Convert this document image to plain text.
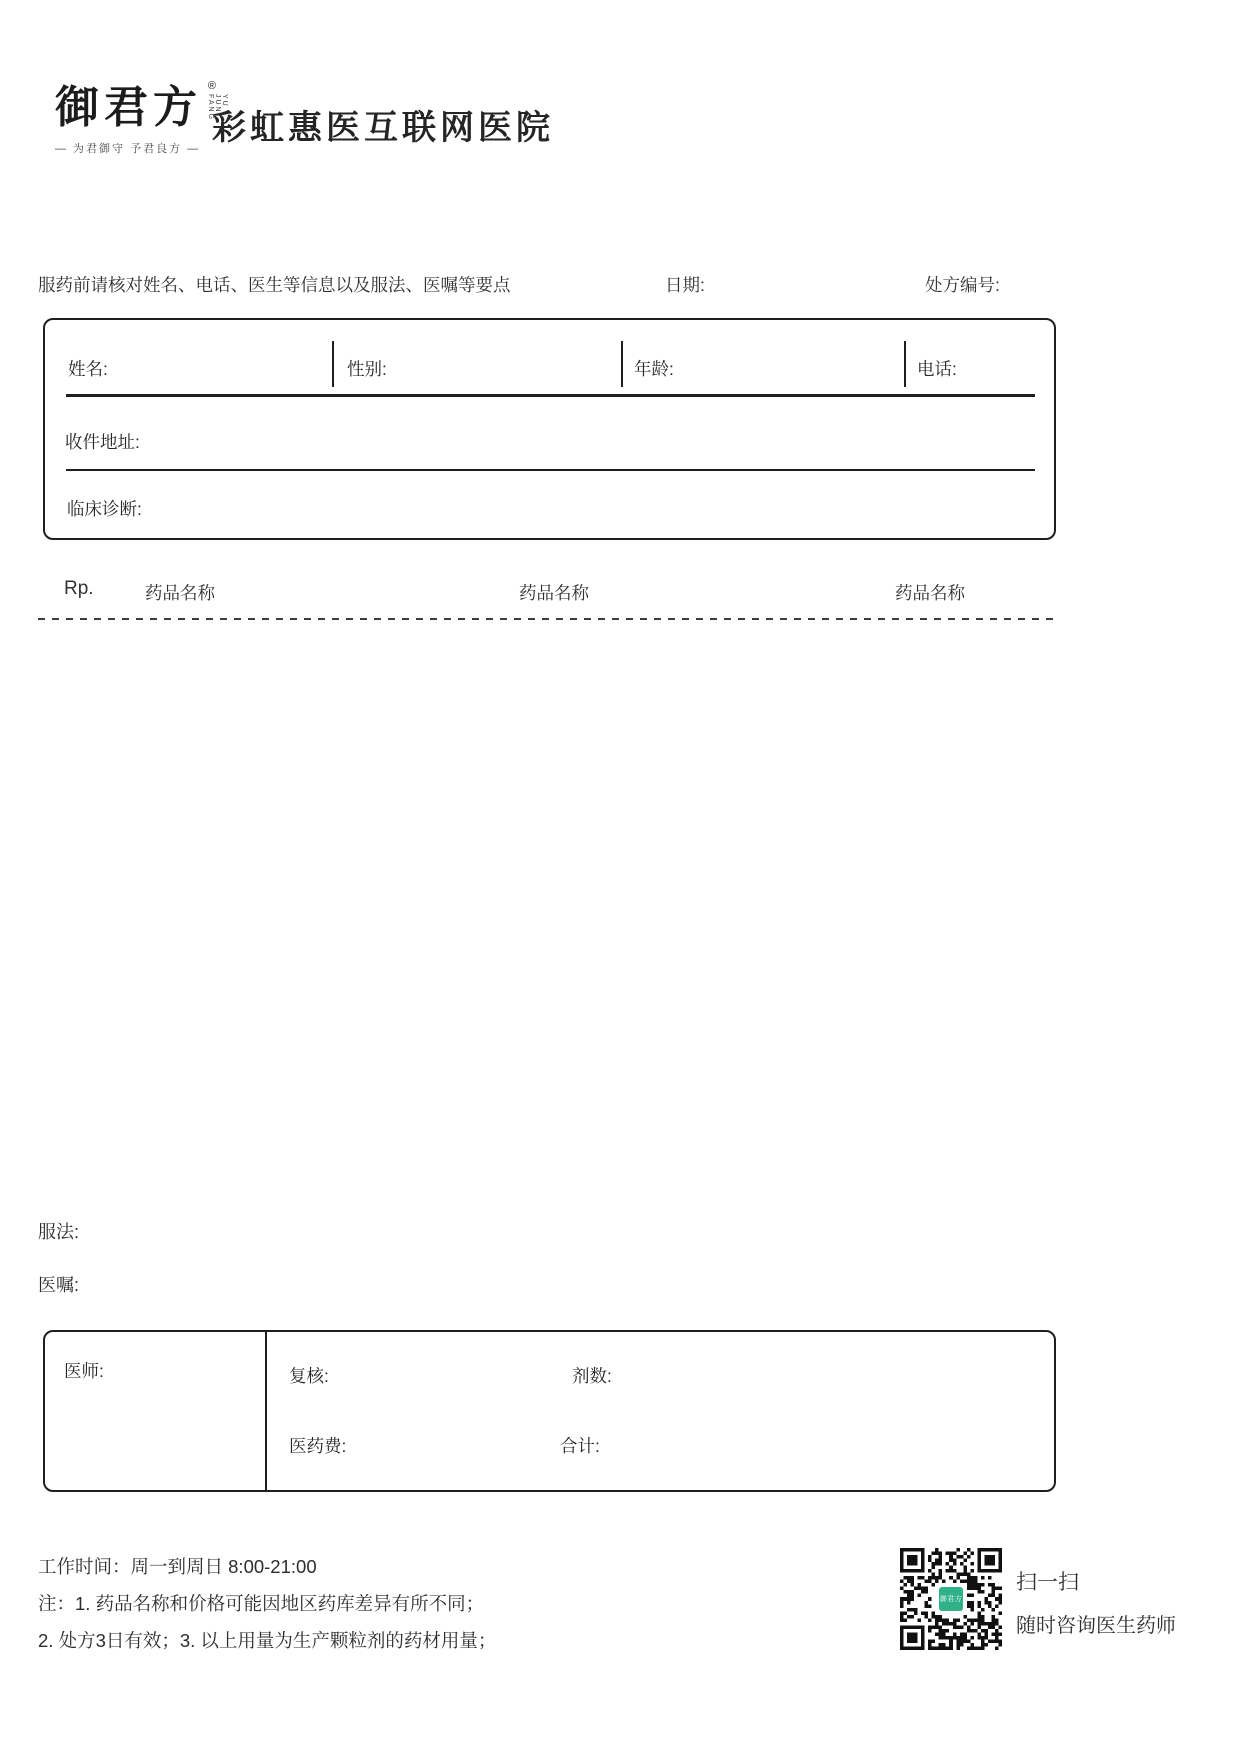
御君方 ®
YU JUN FANG
— 为君御守 予君良方 —
彩虹惠医互联网医院
服药前请核对姓名、电话、医生等信息以及服法、医嘱等要点	日期:	处方编号:
姓名:	性别:	年龄:	电话:
收件地址:
临床诊断:
Rp.	药品名称	药品名称	药品名称
服法:
医嘱:
医师:	复核:	剂数:
医药费:	合计:
工作时间：周一到周日 8:00-21:00
注：1. 药品名称和价格可能因地区药库差异有所不同；
2. 处方3日有效；3. 以上用量为生产颗粒剂的药材用量；
御君方
扫一扫
随时咨询医生药师
